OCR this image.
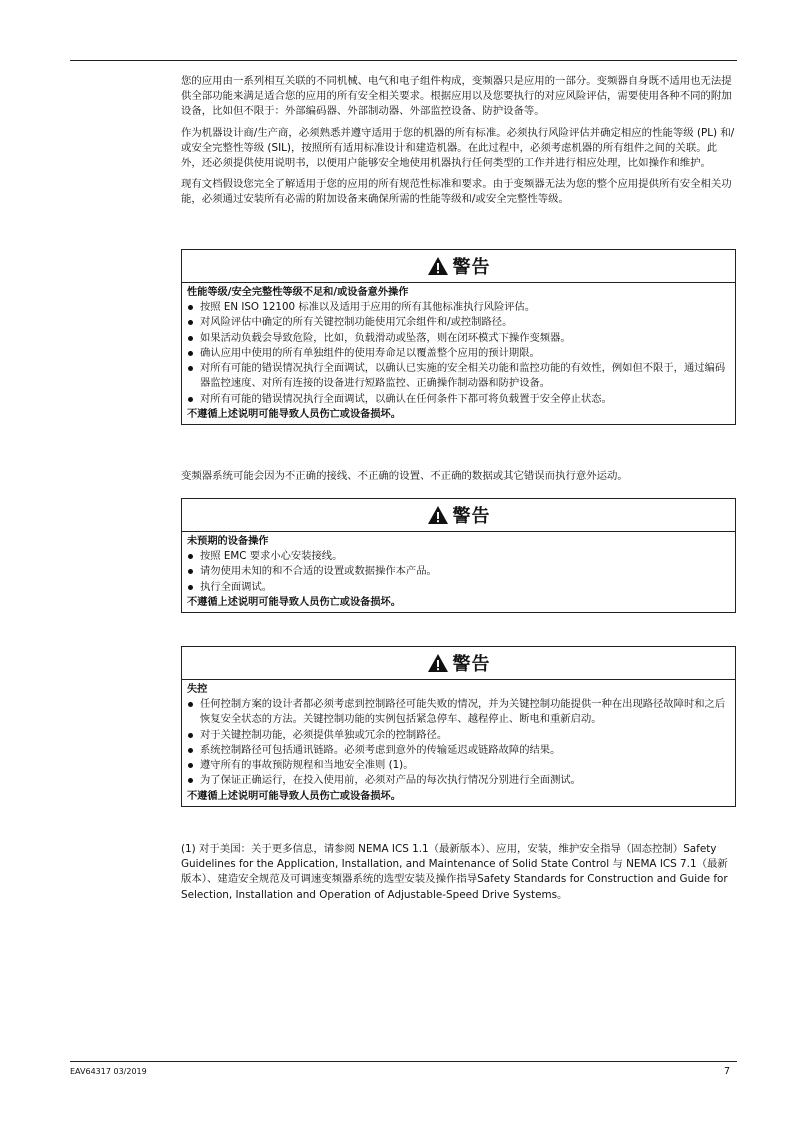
您的应用由一系列相互关联的不同机械、电气和电子组件构成，变频器只是应用的一部分。变频器自身既不适用也无法提供全部功能来满足适合您的应用的所有安全相关要求。根据应用以及您要执行的对应风险评估，需要使用各种不同的附加设备，比如但不限于：外部编码器、外部制动器、外部监控设备、防护设备等。

作为机器设计商/生产商，必须熟悉并遵守适用于您的机器的所有标准。必须执行风险评估并确定相应的性能等级 (PL) 和/或安全完整性等级 (SIL)，按照所有适用标准设计和建造机器。在此过程中，必须考虑机器的所有组件之间的关联。此外，还必须提供使用说明书，以便用户能够安全地使用机器执行任何类型的工作并进行相应处理，比如操作和维护。

现有文档假设您完全了解适用于您的应用的所有规范性标准和要求。由于变频器无法为您的整个应用提供所有安全相关功能，必须通过安装所有必需的附加设备来确保所需的性能等级和/或安全完整性等级。

警告

性能等级/安全完整性等级不足和/或设备意外操作

按照 EN ISO 12100 标准以及适用于应用的所有其他标准执行风险评估。
对风险评估中确定的所有关键控制功能使用冗余组件和/或控制路径。
如果活动负载会导致危险，比如，负载滑动或坠落，则在闭环模式下操作变频器。
确认应用中使用的所有单独组件的使用寿命足以覆盖整个应用的预计期限。
对所有可能的错误情况执行全面调试，以确认已实施的安全相关功能和监控功能的有效性，例如但不限于，通过编码器监控速度、对所有连接的设备进行短路监控、正确操作制动器和防护设备。
对所有可能的错误情况执行全面调试，以确认在任何条件下都可将负载置于安全停止状态。

不遵循上述说明可能导致人员伤亡或设备损坏。

变频器系统可能会因为不正确的接线、不正确的设置、不正确的数据或其它错误而执行意外运动。

警告

未预期的设备操作

按照 EMC 要求小心安装接线。
请勿使用未知的和不合适的设置或数据操作本产品。
执行全面调试。

不遵循上述说明可能导致人员伤亡或设备损坏。

警告

失控

任何控制方案的设计者都必须考虑到控制路径可能失败的情况，并为关键控制功能提供一种在出现路径故障时和之后恢复安全状态的方法。关键控制功能的实例包括紧急停车、越程停止、断电和重新启动。
对于关键控制功能，必须提供单独或冗余的控制路径。
系统控制路径可包括通讯链路。必须考虑到意外的传输延迟或链路故障的结果。
遵守所有的事故预防规程和当地安全准则 (1)。
为了保证正确运行，在投入使用前，必须对产品的每次执行情况分别进行全面测试。

不遵循上述说明可能导致人员伤亡或设备损坏。

(1) 对于美国：关于更多信息，请参阅 NEMA ICS 1.1（最新版本）、应用，安装，维护安全指导（固态控制）Safety Guidelines for the Application, Installation, and Maintenance of Solid State Control 与 NEMA ICS 7.1（最新版本）、建造安全规范及可调速变频器系统的选型安装及操作指导Safety Standards for Construction and Guide for Selection, Installation and Operation of Adjustable-Speed Drive Systems。

EAV64317 03/2019	7
